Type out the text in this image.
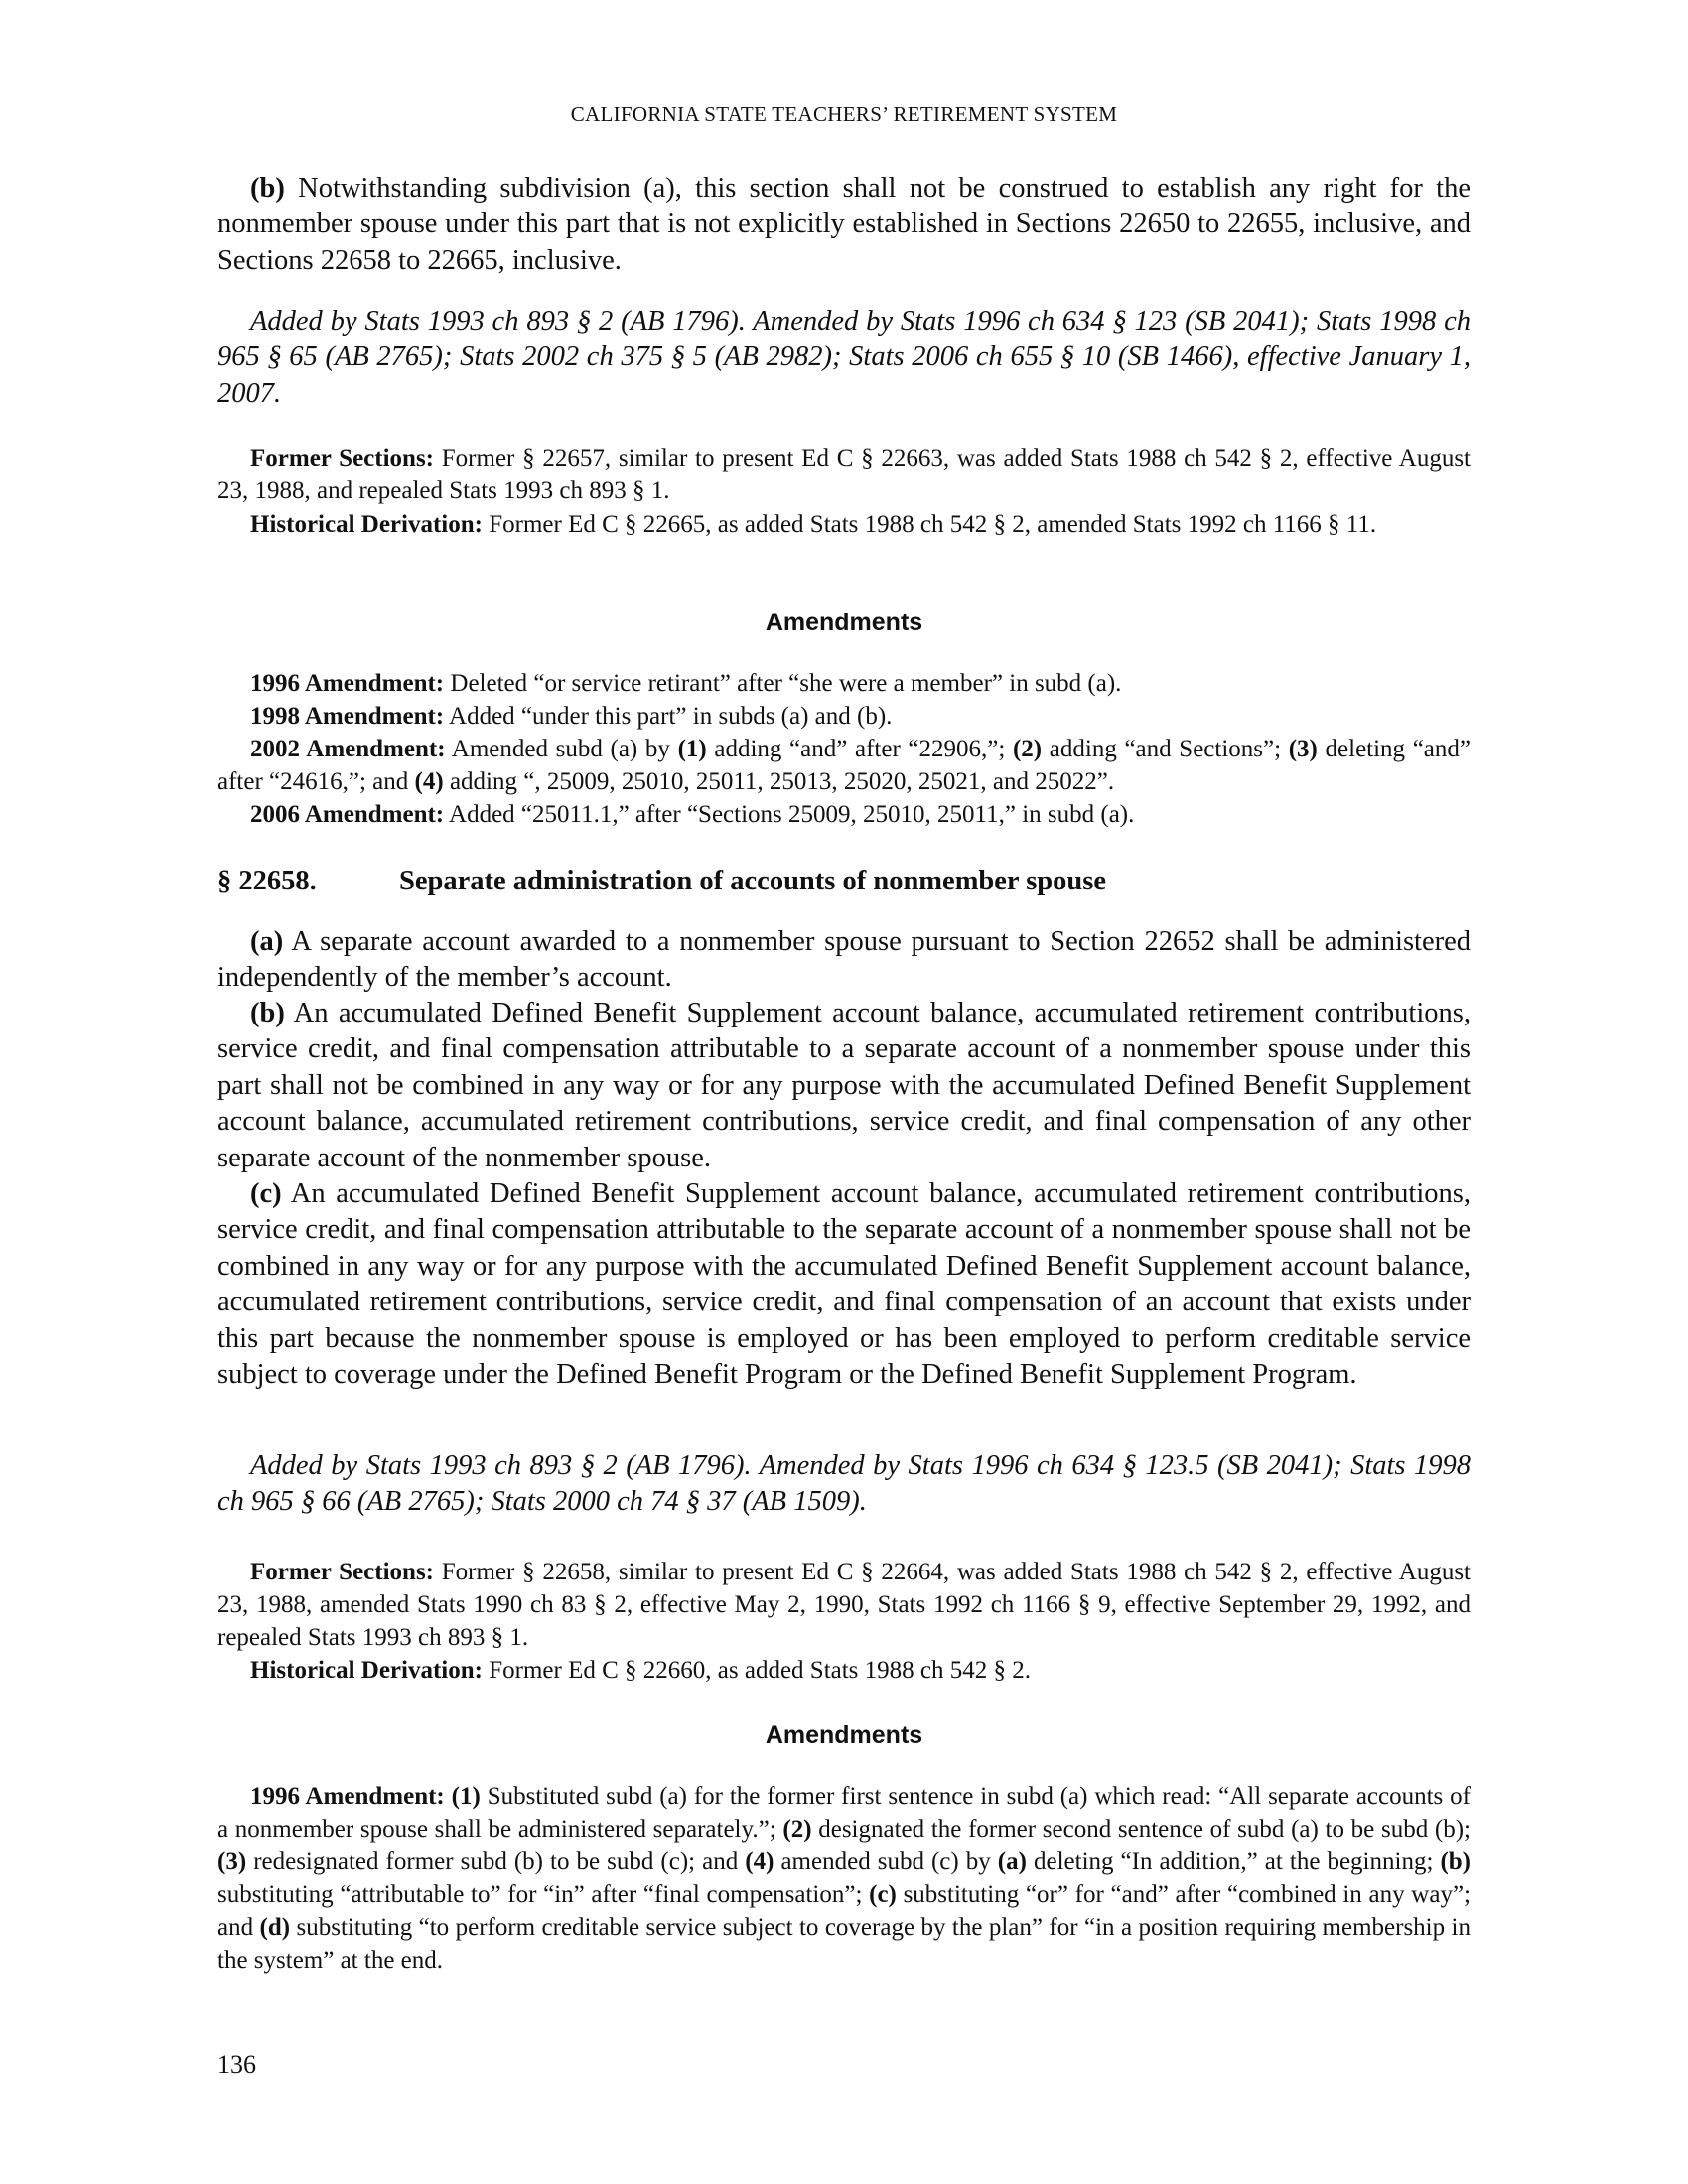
CALIFORNIA STATE TEACHERS’ RETIREMENT SYSTEM

(b) Notwithstanding subdivision (a), this section shall not be construed to establish any right for the nonmember spouse under this part that is not explicitly established in Sections 22650 to 22655, inclusive, and Sections 22658 to 22665, inclusive.

Added by Stats 1993 ch 893 § 2 (AB 1796). Amended by Stats 1996 ch 634 § 123 (SB 2041); Stats 1998 ch 965 § 65 (AB 2765); Stats 2002 ch 375 § 5 (AB 2982); Stats 2006 ch 655 § 10 (SB 1466), effective January 1, 2007.

Former Sections: Former § 22657, similar to present Ed C § 22663, was added Stats 1988 ch 542 § 2, effective August 23, 1988, and repealed Stats 1993 ch 893 § 1.

Historical Derivation: Former Ed C § 22665, as added Stats 1988 ch 542 § 2, amended Stats 1992 ch 1166 § 11.

Amendments

1996 Amendment: Deleted “or service retirant” after “she were a member” in subd (a).

1998 Amendment: Added “under this part” in subds (a) and (b).

2002 Amendment: Amended subd (a) by (1) adding “and” after “22906,”; (2) adding “and Sections”; (3) deleting “and” after “24616,”; and (4) adding “, 25009, 25010, 25011, 25013, 25020, 25021, and 25022”.

2006 Amendment: Added “25011.1,” after “Sections 25009, 25010, 25011,” in subd (a).

§ 22658.	Separate administration of accounts of nonmember spouse

(a) A separate account awarded to a nonmember spouse pursuant to Section 22652 shall be administered independently of the member’s account.

(b) An accumulated Defined Benefit Supplement account balance, accumulated retirement contributions, service credit, and final compensation attributable to a separate account of a nonmember spouse under this part shall not be combined in any way or for any purpose with the accumulated Defined Benefit Supplement account balance, accumulated retirement contributions, service credit, and final compensation of any other separate account of the nonmember spouse.

(c) An accumulated Defined Benefit Supplement account balance, accumulated retirement contributions, service credit, and final compensation attributable to the separate account of a nonmember spouse shall not be combined in any way or for any purpose with the accumulated Defined Benefit Supplement account balance, accumulated retirement contributions, service credit, and final compensation of an account that exists under this part because the nonmember spouse is employed or has been employed to perform creditable service subject to coverage under the Defined Benefit Program or the Defined Benefit Supplement Program.

Added by Stats 1993 ch 893 § 2 (AB 1796). Amended by Stats 1996 ch 634 § 123.5 (SB 2041); Stats 1998 ch 965 § 66 (AB 2765); Stats 2000 ch 74 § 37 (AB 1509).

Former Sections: Former § 22658, similar to present Ed C § 22664, was added Stats 1988 ch 542 § 2, effective August 23, 1988, amended Stats 1990 ch 83 § 2, effective May 2, 1990, Stats 1992 ch 1166 § 9, effective September 29, 1992, and repealed Stats 1993 ch 893 § 1.

Historical Derivation: Former Ed C § 22660, as added Stats 1988 ch 542 § 2.

Amendments

1996 Amendment: (1) Substituted subd (a) for the former first sentence in subd (a) which read: “All separate accounts of a nonmember spouse shall be administered separately.”; (2) designated the former second sentence of subd (a) to be subd (b); (3) redesignated former subd (b) to be subd (c); and (4) amended subd (c) by (a) deleting “In addition,” at the beginning; (b) substituting “attributable to” for “in” after “final compensation”; (c) substituting “or” for “and” after “combined in any way”; and (d) substituting “to perform creditable service subject to coverage by the plan” for “in a position requiring membership in the system” at the end.

136
